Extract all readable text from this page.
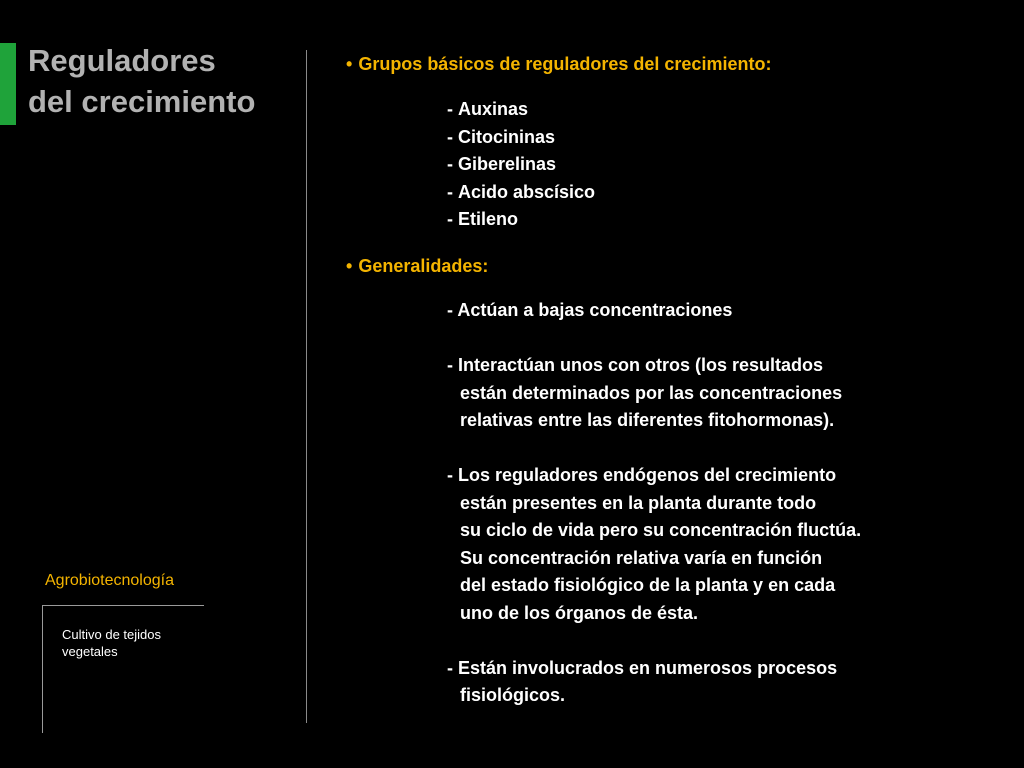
Reguladores
del crecimiento
Agrobiotecnología
Cultivo de tejidos
vegetales

• Grupos básicos de reguladores del crecimiento:

- Auxinas
- Citocininas
- Giberelinas
- Acido abscísico
- Etileno

• Generalidades:

- Actúan a bajas concentraciones
- Interactúan unos con otros (los resultados
están determinados por las concentraciones
relativas entre las diferentes fitohormonas).
- Los reguladores endógenos del crecimiento
están presentes en la planta durante todo
su ciclo de vida pero su concentración fluctúa.
Su concentración relativa varía en función
del estado fisiológico de la planta y en cada
uno de los órganos de ésta.
- Están involucrados en numerosos procesos
fisiológicos.
